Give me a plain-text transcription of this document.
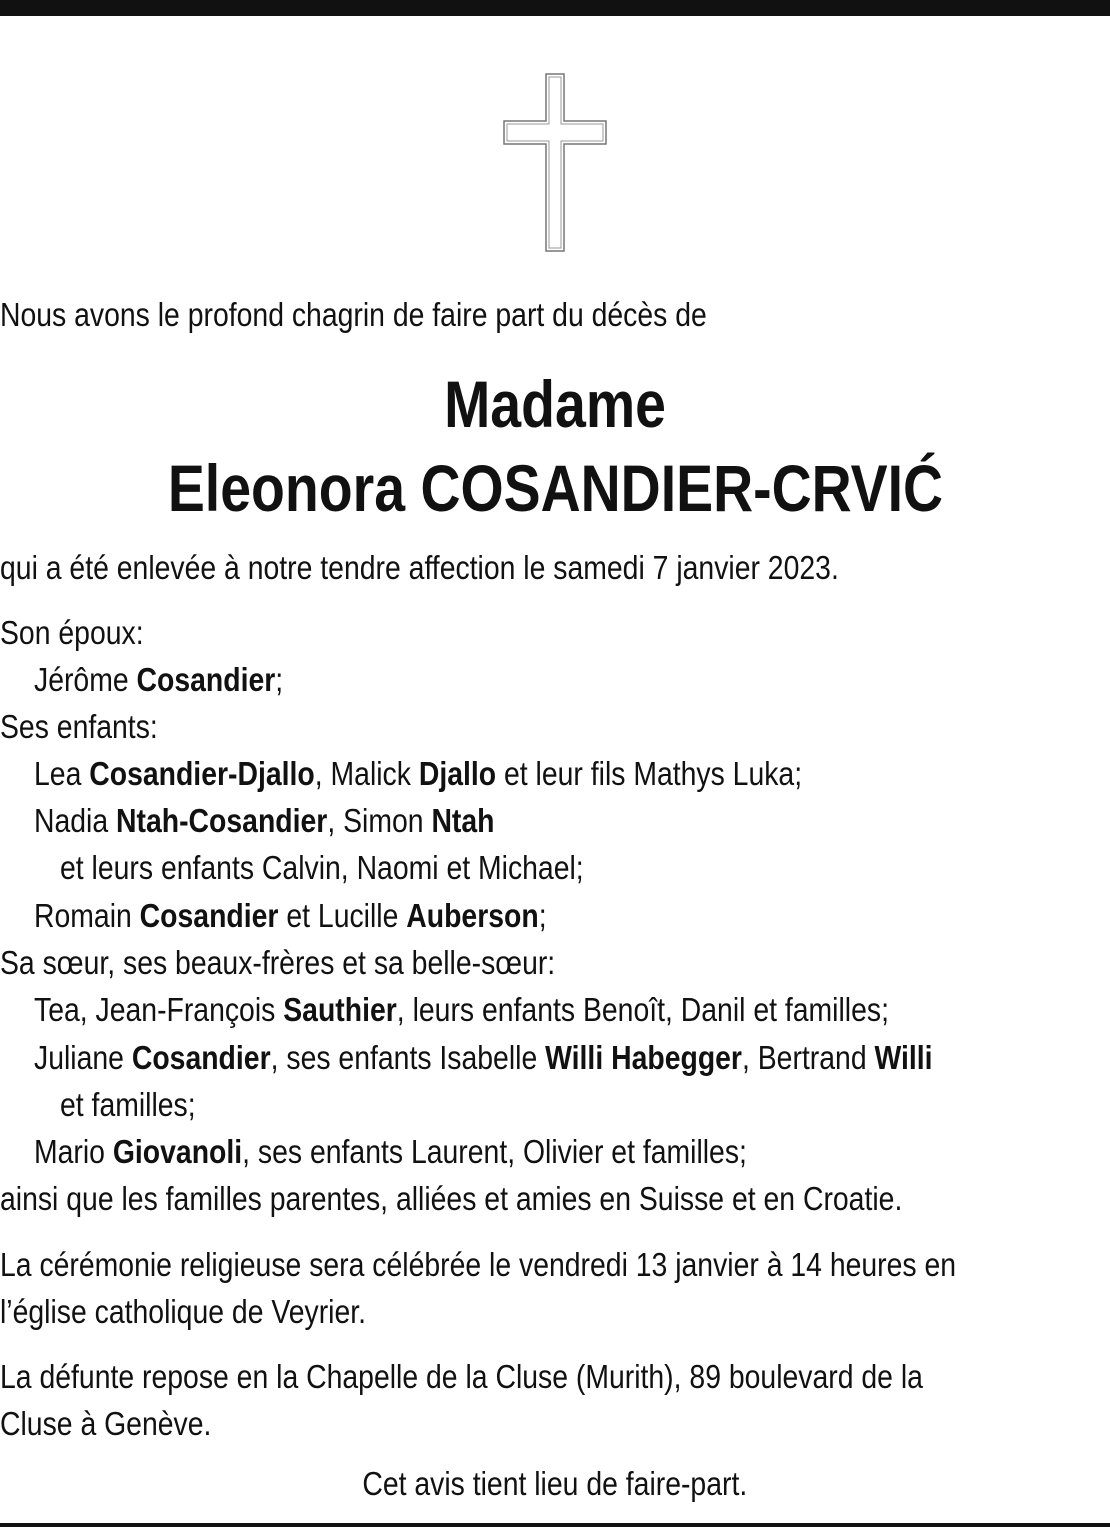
Nous avons le profond chagrin de faire part du décès de
Madame
Eleonora COSANDIER-CRVIĆ
qui a été enlevée à notre tendre affection le samedi 7 janvier 2023.
Son époux:
Jérôme Cosandier;
Ses enfants:
Lea Cosandier-Djallo, Malick Djallo et leur fils Mathys Luka;
Nadia Ntah-Cosandier, Simon Ntah
et leurs enfants Calvin, Naomi et Michael;
Romain Cosandier et Lucille Auberson;
Sa sœur, ses beaux-frères et sa belle-sœur:
Tea, Jean-François Sauthier, leurs enfants Benoît, Danil et familles;
Juliane Cosandier, ses enfants Isabelle Willi Habegger, Bertrand Willi
et familles;
Mario Giovanoli, ses enfants Laurent, Olivier et familles;
ainsi que les familles parentes, alliées et amies en Suisse et en Croatie.
La cérémonie religieuse sera célébrée le vendredi 13 janvier à 14 heures en
l’église catholique de Veyrier.
La défunte repose en la Chapelle de la Cluse (Murith), 89 boulevard de la
Cluse à Genève.
Cet avis tient lieu de faire-part.
